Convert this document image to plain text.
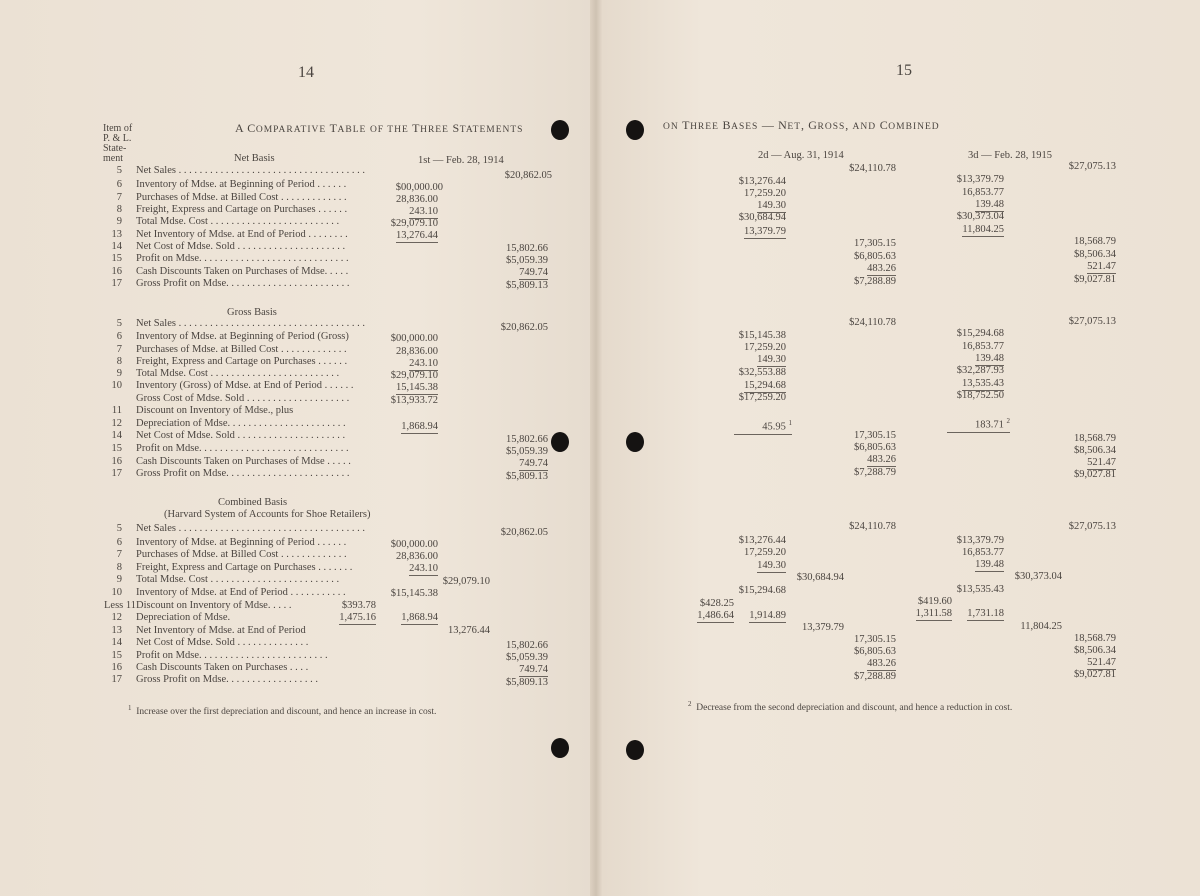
14
Item of
P. & L.
State-
ment
A COMPARATIVE TABLE OF THE THREE STATEMENTS
Net Basis	1st — Feb. 28, 1914
5 Net Sales . . . . . . . . . . . . . . . . . . . . . . . . . . . . . . . . . . . .
6 Inventory of Mdse. at Beginning of Period . . . . . .
7 Purchases of Mdse. at Billed Cost . . . . . . . . . . . . .
8 Freight, Express and Cartage on Purchases . . . . . .
9 Total Mdse. Cost . . . . . . . . . . . . . . . . . . . . . . . . .
13 Net Inventory of Mdse. at End of Period . . . . . . . .
14 Net Cost of Mdse. Sold . . . . . . . . . . . . . . . . . . . . .
15 Profit on Mdse. . . . . . . . . . . . . . . . . . . . . . . . . . . . .
16 Cash Discounts Taken on Purchases of Mdse. . . . .
17 Gross Profit on Mdse. . . . . . . . . . . . . . . . . . . . . . . .
$20,862.05
$00,000.00
28,836.00
243.10
$29,079.10
13,276.44
15,802.66
$5,059.39
749.74
$5,809.13
Gross Basis
5 Net Sales . . . . . . . . . . . . . . . . . . . . . . . . . . . . . . . . . . . .
6 Inventory of Mdse. at Beginning of Period (Gross)
7 Purchases of Mdse. at Billed Cost . . . . . . . . . . . . .
8 Freight, Express and Cartage on Purchases . . . . . .
9 Total Mdse. Cost . . . . . . . . . . . . . . . . . . . . . . . . .
10 Inventory (Gross) of Mdse. at End of Period . . . . . .
Gross Cost of Mdse. Sold . . . . . . . . . . . . . . . . . . . .
11 Discount on Inventory of Mdse., plus
12 Depreciation of Mdse. . . . . . . . . . . . . . . . . . . . . . .
14 Net Cost of Mdse. Sold . . . . . . . . . . . . . . . . . . . . .
15 Profit on Mdse. . . . . . . . . . . . . . . . . . . . . . . . . . . . .
16 Cash Discounts Taken on Purchases of Mdse . . . . .
17 Gross Profit on Mdse. . . . . . . . . . . . . . . . . . . . . . . .
$20,862.05
$00,000.00
28,836.00
243.10
$29,079.10
15,145.38
$13,933.72
1,868.94
15,802.66
$5,059.39
749.74
$5,809.13
Combined Basis
(Harvard System of Accounts for Shoe Retailers)
5 Net Sales . . . . . . . . . . . . . . . . . . . . . . . . . . . . . . . . . . . .
6 Inventory of Mdse. at Beginning of Period . . . . . .
7 Purchases of Mdse. at Billed Cost . . . . . . . . . . . . .
8 Freight, Express and Cartage on Purchases . . . . . . .
9 Total Mdse. Cost . . . . . . . . . . . . . . . . . . . . . . . . .
10 Inventory of Mdse. at End of Period . . . . . . . . . . .
Less 11 Discount on Inventory of Mdse. . . . .
12 Depreciation of Mdse.
13 Net Inventory of Mdse. at End of Period
14 Net Cost of Mdse. Sold . . . . . . . . . . . . . .
15 Profit on Mdse. . . . . . . . . . . . . . . . . . . . . . . . .
16 Cash Discounts Taken on Purchases . . . .
17 Gross Profit on Mdse. . . . . . . . . . . . . . . . . .
$20,862.05
$00,000.00
28,836.00
243.10
$29,079.10
$15,145.38
$393.78
1,475.16 1,868.94
13,276.44
15,802.66
$5,059.39
749.74
$5,809.13
$^1$ Increase over the first depreciation and discount, and hence an increase in cost.
15
ON THREE BASES — NET, GROSS, AND COMBINED
2d — Aug. 31, 1914	3d — Feb. 28, 1915
$24,110.78
$13,276.44
17,259.20
149.30
$30,684.94
13,379.79
17,305.15
$6,805.63
483.26
$7,288.89
$27,075.13
$13,379.79
16,853.77
139.48
$30,373.04
11,804.25
18,568.79
$8,506.34
521.47
$9,027.81
$24,110.78
$15,145.38
17,259.20
149.30
$32,553.88
15,294.68
$17,259.20
45.95 $^1$
17,305.15
$6,805.63
483.26
$7,288.79
$27,075.13
$15,294.68
16,853.77
139.48
$32,287.93
13,535.43
$18,752.50
183.71 $^2$
18,568.79
$8,506.34
521.47
$9,027.81
$24,110.78
$13,276.44
17,259.20
149.30
$30,684.94
$15,294.68
$428.25
1,486.64 1,914.89
13,379.79
17,305.15
$6,805.63
483.26
$7,288.89
$27,075.13
$13,379.79
16,853.77
139.48
$30,373.04
$13,535.43
$419.60
1,311.58 1,731.18
11,804.25
18,568.79
$8,506.34
521.47
$9,027.81
$^2$ Decrease from the second depreciation and discount, and hence a reduction in cost.
